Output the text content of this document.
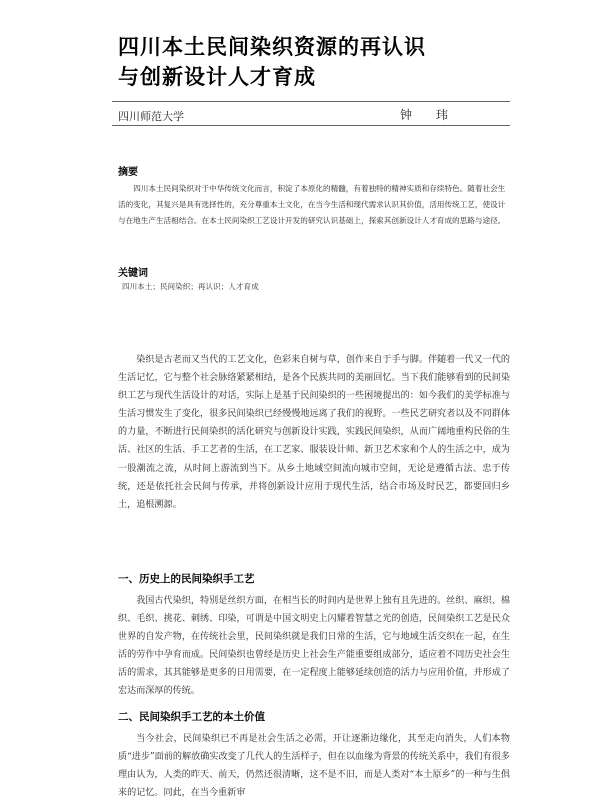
四川本土民间染织资源的再认识
与创新设计人才育成
四川师范大学	钟 玮
摘要
四川本土民间染织对于中华传统文化而言，积淀了本原化的精髓，有着独特的精神实质和存续特色。随着社会生活的变化，其复兴是具有选择性的，充分尊重本土文化，在当今生活和现代需求认识其价值，活用传统工艺，使设计与在地生产生活相结合。在本土民间染织工艺设计开发的研究认识基础上，探索其创新设计人才育成的思路与途径。
关键词
四川本土；民间染织；再认识；人才育成
染织是古老而又当代的工艺文化，色彩来自树与草，创作来自于手与脚。伴随着一代又一代的生活记忆，它与整个社会脉络紧紧相结，是各个民族共同的美丽回忆。当下我们能够看到的民间染织工艺与现代生活设计的对话，实际上是基于民间染织的一些困境提出的：如今我们的美学标准与生活习惯发生了变化，很多民间染织已经慢慢地远离了我们的视野。一些民艺研究者以及不同群体的力量，不断进行民间染织的活化研究与创新设计实践，实践民间染织，从而广阔地重构民俗的生活、社区的生活、手工艺者的生活，在工艺家、服装设计师、新卫艺术家和个人的生活之中，成为一股潮流之流，从时间上游流到当下。从乡土地域空间流向城市空间，无论是遵循古法、忠于传统，还是依托社会民间与传承，并将创新设计应用于现代生活，结合市场及时民艺，都要回归乡土，追根溯源。
一、历史上的民间染织手工艺
我国古代染织，特别是丝织方面，在相当长的时间内是世界上独有且先进的。丝织、麻织、棉织、毛织、挑花、刺绣、印染，可谓是中国文明史上闪耀着智慧之光的创造，民间染织工艺是民众世界的自发产物，在传统社会里，民间染织就是我们日常的生活，它与地域生活交织在一起，在生活的劳作中孕育而成。民间染织也曾经是历史上社会生产能重要组成部分，适应着不同历史社会生活的需求，其其能够是更多的日用需要，在一定程度上能够延续创造的活力与应用价值，并形成了宏达而深厚的传统。
二、民间染织手工艺的本土价值
当今社会，民间染织已不再是社会生活之必需，开让逐渐边缘化，其至走向消失，人们本物质“进步”面前的解放确实改变了几代人的生活样子，但在以血缘为背景的传统关系中，我们有很多理由认为，人类的昨天、前天，仍然还很清晰，这不是不旧，而是人类对“本土原乡”的一种与生俱来的记忆。同此，在当今重新审
